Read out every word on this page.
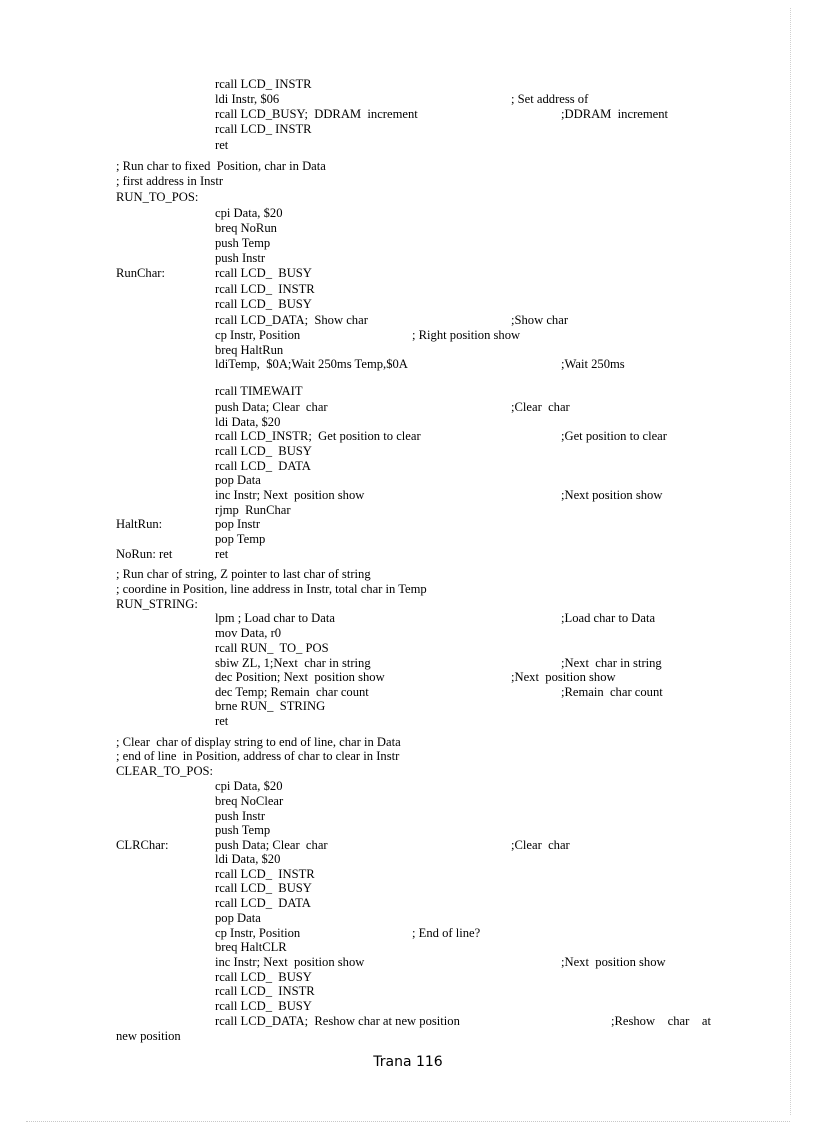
rcall LCD_ INSTR
ldi Instr, $06	; Set address of
rcall LCD_BUSY;  DDRAM  increment	;DDRAM  increment
rcall LCD_ INSTR
ret
; Run char to fixed  Position, char in Data
; first address in Instr
RUN_TO_POS:
cpi Data, $20
breq NoRun
push Temp
push Instr
RunChar:	rcall LCD_  BUSY
rcall LCD_  INSTR
rcall LCD_  BUSY
rcall LCD_DATA;  Show char	;Show char
cp Instr, Position	; Right position show
breq HaltRun
ldiTemp,  $0A;Wait 250ms Temp,$0A	;Wait 250ms
rcall TIMEWAIT
push Data; Clear  char	;Clear  char
ldi Data, $20
rcall LCD_INSTR;  Get position to clear	;Get position to clear
rcall LCD_  BUSY
rcall LCD_  DATA
pop Data
inc Instr; Next  position show	;Next position show
rjmp  RunChar
HaltRun:	pop Instr
pop Temp
NoRun: ret	ret
; Run char of string, Z pointer to last char of string
; coordine in Position, line address in Instr, total char in Temp
RUN_STRING:
lpm ; Load char to Data	;Load char to Data
mov Data, r0
rcall RUN_  TO_ POS
sbiw ZL, 1;Next  char in string	;Next  char in string
dec Position; Next  position show	;Next  position show
dec Temp; Remain  char count	;Remain  char count
brne RUN_  STRING
ret
; Clear  char of display string to end of line, char in Data
; end of line  in Position, address of char to clear in Instr
CLEAR_TO_POS:
cpi Data, $20
breq NoClear
push Instr
push Temp
CLRChar:	push Data; Clear  char	;Clear  char
ldi Data, $20
rcall LCD_  INSTR
rcall LCD_  BUSY
rcall LCD_  DATA
pop Data
cp Instr, Position	; End of line?
breq HaltCLR
inc Instr; Next  position show	;Next  position show
rcall LCD_  BUSY
rcall LCD_  INSTR
rcall LCD_  BUSY
rcall LCD_DATA;  Reshow char at new position	;Reshow    char    at
new position
Trana 116
